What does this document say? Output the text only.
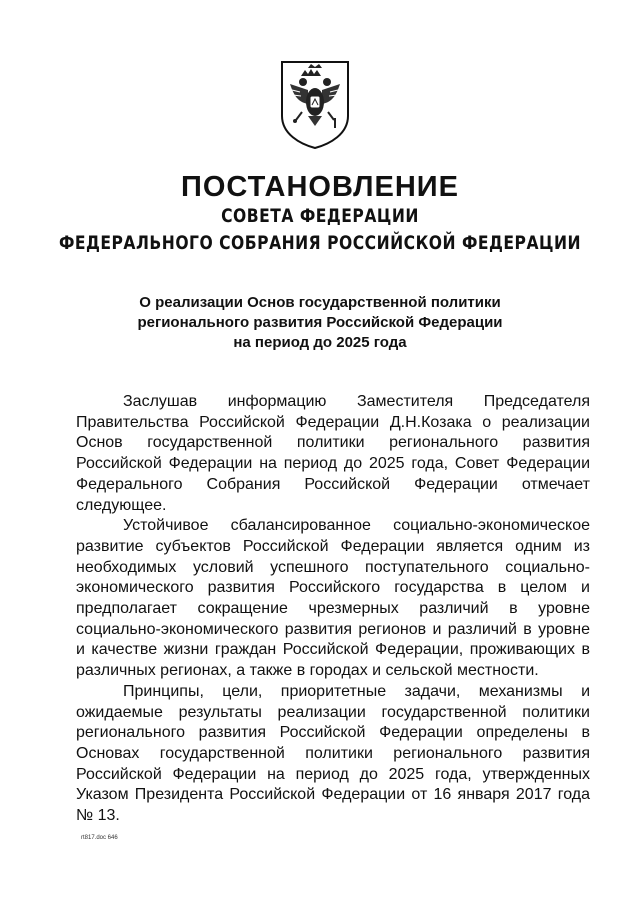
ПОСТАНОВЛЕНИЕ
СОВЕТА ФЕДЕРАЦИИ
ФЕДЕРАЛЬНОГО СОБРАНИЯ РОССИЙСКОЙ ФЕДЕРАЦИИ
О реализации Основ государственной политики
регионального развития Российской Федерации
на период до 2025 года
Заслушав информацию Заместителя Председателя
Правительства Российской Федерации Д.Н.Козака о реализации
Основ государственной политики регионального развития
Российской Федерации на период до 2025 года, Совет Федерации
Федерального Собрания Российской Федерации отмечает
следующее.
Устойчивое сбалансированное социально-экономическое
развитие субъектов Российской Федерации является одним из
необходимых условий успешного поступательного социально-
экономического развития Российского государства в целом и
предполагает сокращение чрезмерных различий в уровне
социально-экономического развития регионов и различий в уровне
и качестве жизни граждан Российской Федерации, проживающих в
различных регионах, а также в городах и сельской местности.
Принципы, цели, приоритетные задачи, механизмы и
ожидаемые результаты реализации государственной политики
регионального развития Российской Федерации определены в
Основах государственной политики регионального развития
Российской Федерации на период до 2025 года, утвержденных
Указом Президента Российской Федерации от 16 января 2017 года
№ 13.
rt817.doc 646
